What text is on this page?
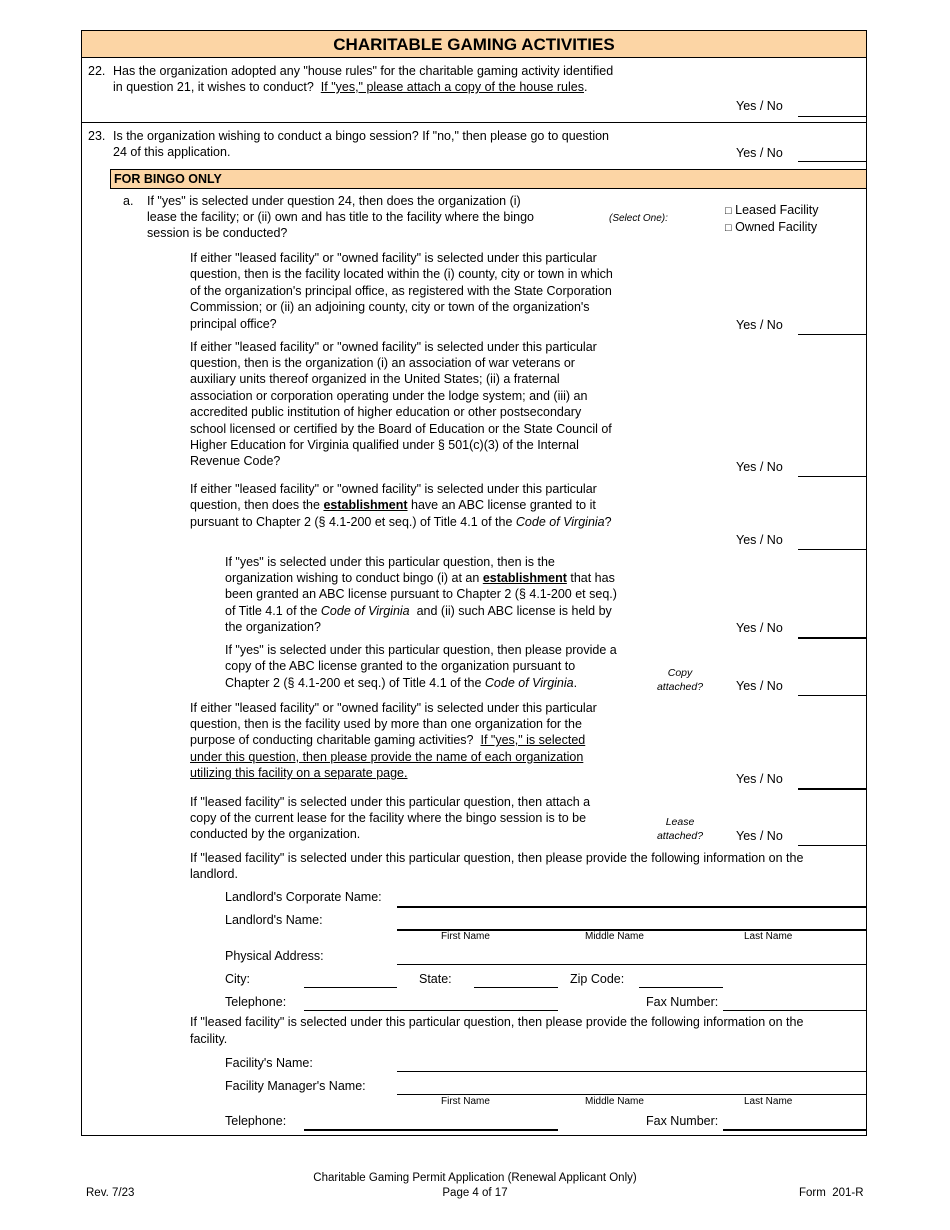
CHARITABLE GAMING ACTIVITIES
22. Has the organization adopted any "house rules" for the charitable gaming activity identified
in question 21, it wishes to conduct? If "yes," please attach a copy of the house rules.
Yes / No
23. Is the organization wishing to conduct a bingo session? If "no," then please go to question
24 of this application.	Yes / No
FOR BINGO ONLY
a. If "yes" is selected under question 24, then does the organization (i)
lease the facility; or (ii) own and has title to the facility where the bingo
session is be conducted?
(Select One):
□ Leased Facility
□ Owned Facility
If either "leased facility" or "owned facility" is selected under this particular
question, then is the facility located within the (i) county, city or town in which
of the organization's principal office, as registered with the State Corporation
Commission; or (ii) an adjoining county, city or town of the organization's
principal office?	Yes / No
If either "leased facility" or "owned facility" is selected under this particular
question, then is the organization (i) an association of war veterans or
auxiliary units thereof organized in the United States; (ii) a fraternal
association or corporation operating under the lodge system; and (iii) an
accredited public institution of higher education or other postsecondary
school licensed or certified by the Board of Education or the State Council of
Higher Education for Virginia qualified under § 501(c)(3) of the Internal
Revenue Code?	Yes / No
If either "leased facility" or "owned facility" is selected under this particular
question, then does the establishment have an ABC license granted to it
pursuant to Chapter 2 (§ 4.1-200 et seq.) of Title 4.1 of the Code of Virginia?
Yes / No
If "yes" is selected under this particular question, then is the
organization wishing to conduct bingo (i) at an establishment that has
been granted an ABC license pursuant to Chapter 2 (§ 4.1-200 et seq.)
of Title 4.1 of the Code of Virginia and (ii) such ABC license is held by
the organization?	Yes / No
If "yes" is selected under this particular question, then please provide a
copy of the ABC license granted to the organization pursuant to
Chapter 2 (§ 4.1-200 et seq.) of Title 4.1 of the Code of Virginia.
Copy
attached?	Yes / No
If either "leased facility" or "owned facility" is selected under this particular
question, then is the facility used by more than one organization for the
purpose of conducting charitable gaming activities? If "yes," is selected
under this question, then please provide the name of each organization
utilizing this facility on a separate page.	Yes / No
If "leased facility" is selected under this particular question, then attach a
copy of the current lease for the facility where the bingo session is to be
conducted by the organization.
Lease
attached?	Yes / No
If "leased facility" is selected under this particular question, then please provide the following information on the
landlord.
Landlord's Corporate Name:
Landlord's Name:
First Name	Middle Name	Last Name
Physical Address:
City:	State:	Zip Code:
Telephone:	Fax Number:
If "leased facility" is selected under this particular question, then please provide the following information on the
facility.
Facility's Name:
Facility Manager's Name:
First Name	Middle Name	Last Name
Telephone:	Fax Number:
Rev. 7/23
Charitable Gaming Permit Application (Renewal Applicant Only)
Page 4 of 17	Form  201-R
